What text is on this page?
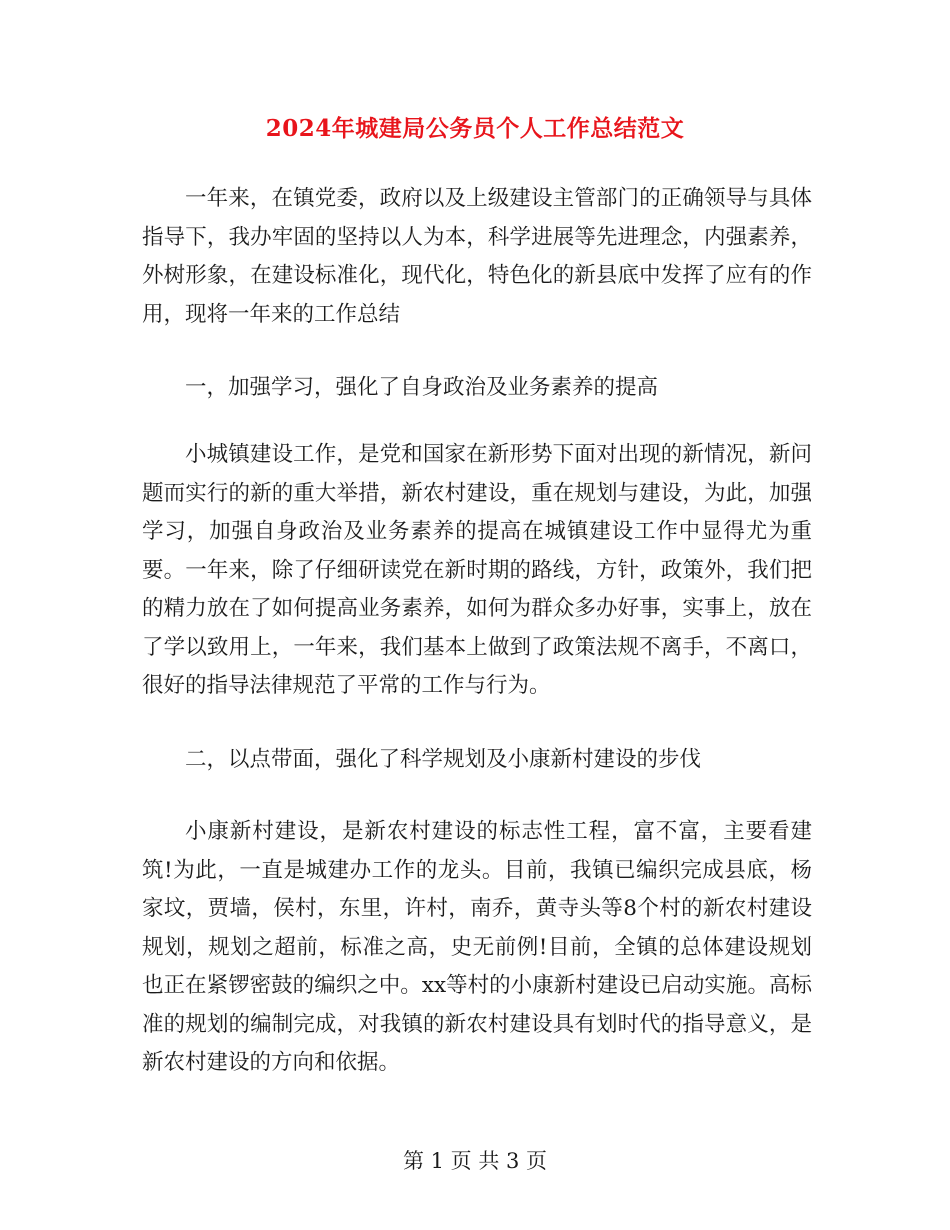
2024年城建局公务员个人工作总结范文

一年来，在镇党委，政府以及上级建设主管部门的正确领导与具体指导下，我办牢固的坚持以人为本，科学进展等先进理念，内强素养，外树形象，在建设标准化，现代化，特色化的新县底中发挥了应有的作用，现将一年来的工作总结

一，加强学习，强化了自身政治及业务素养的提高

小城镇建设工作，是党和国家在新形势下面对出现的新情况，新问题而实行的新的重大举措，新农村建设，重在规划与建设，为此，加强学习，加强自身政治及业务素养的提高在城镇建设工作中显得尤为重要。一年来，除了仔细研读党在新时期的路线，方针，政策外，我们把的精力放在了如何提高业务素养，如何为群众多办好事，实事上，放在了学以致用上，一年来，我们基本上做到了政策法规不离手，不离口，很好的指导法律规范了平常的工作与行为。

二，以点带面，强化了科学规划及小康新村建设的步伐

小康新村建设，是新农村建设的标志性工程，富不富，主要看建筑!为此，一直是城建办工作的龙头。目前，我镇已编织完成县底，杨家坟，贾墙，侯村，东里，许村，南乔，黄寺头等8个村的新农村建设规划，规划之超前，标准之高，史无前例!目前，全镇的总体建设规划也正在紧锣密鼓的编织之中。xx等村的小康新村建设已启动实施。高标准的规划的编制完成，对我镇的新农村建设具有划时代的指导意义，是新农村建设的方向和依据。

第 1 页 共 3 页
